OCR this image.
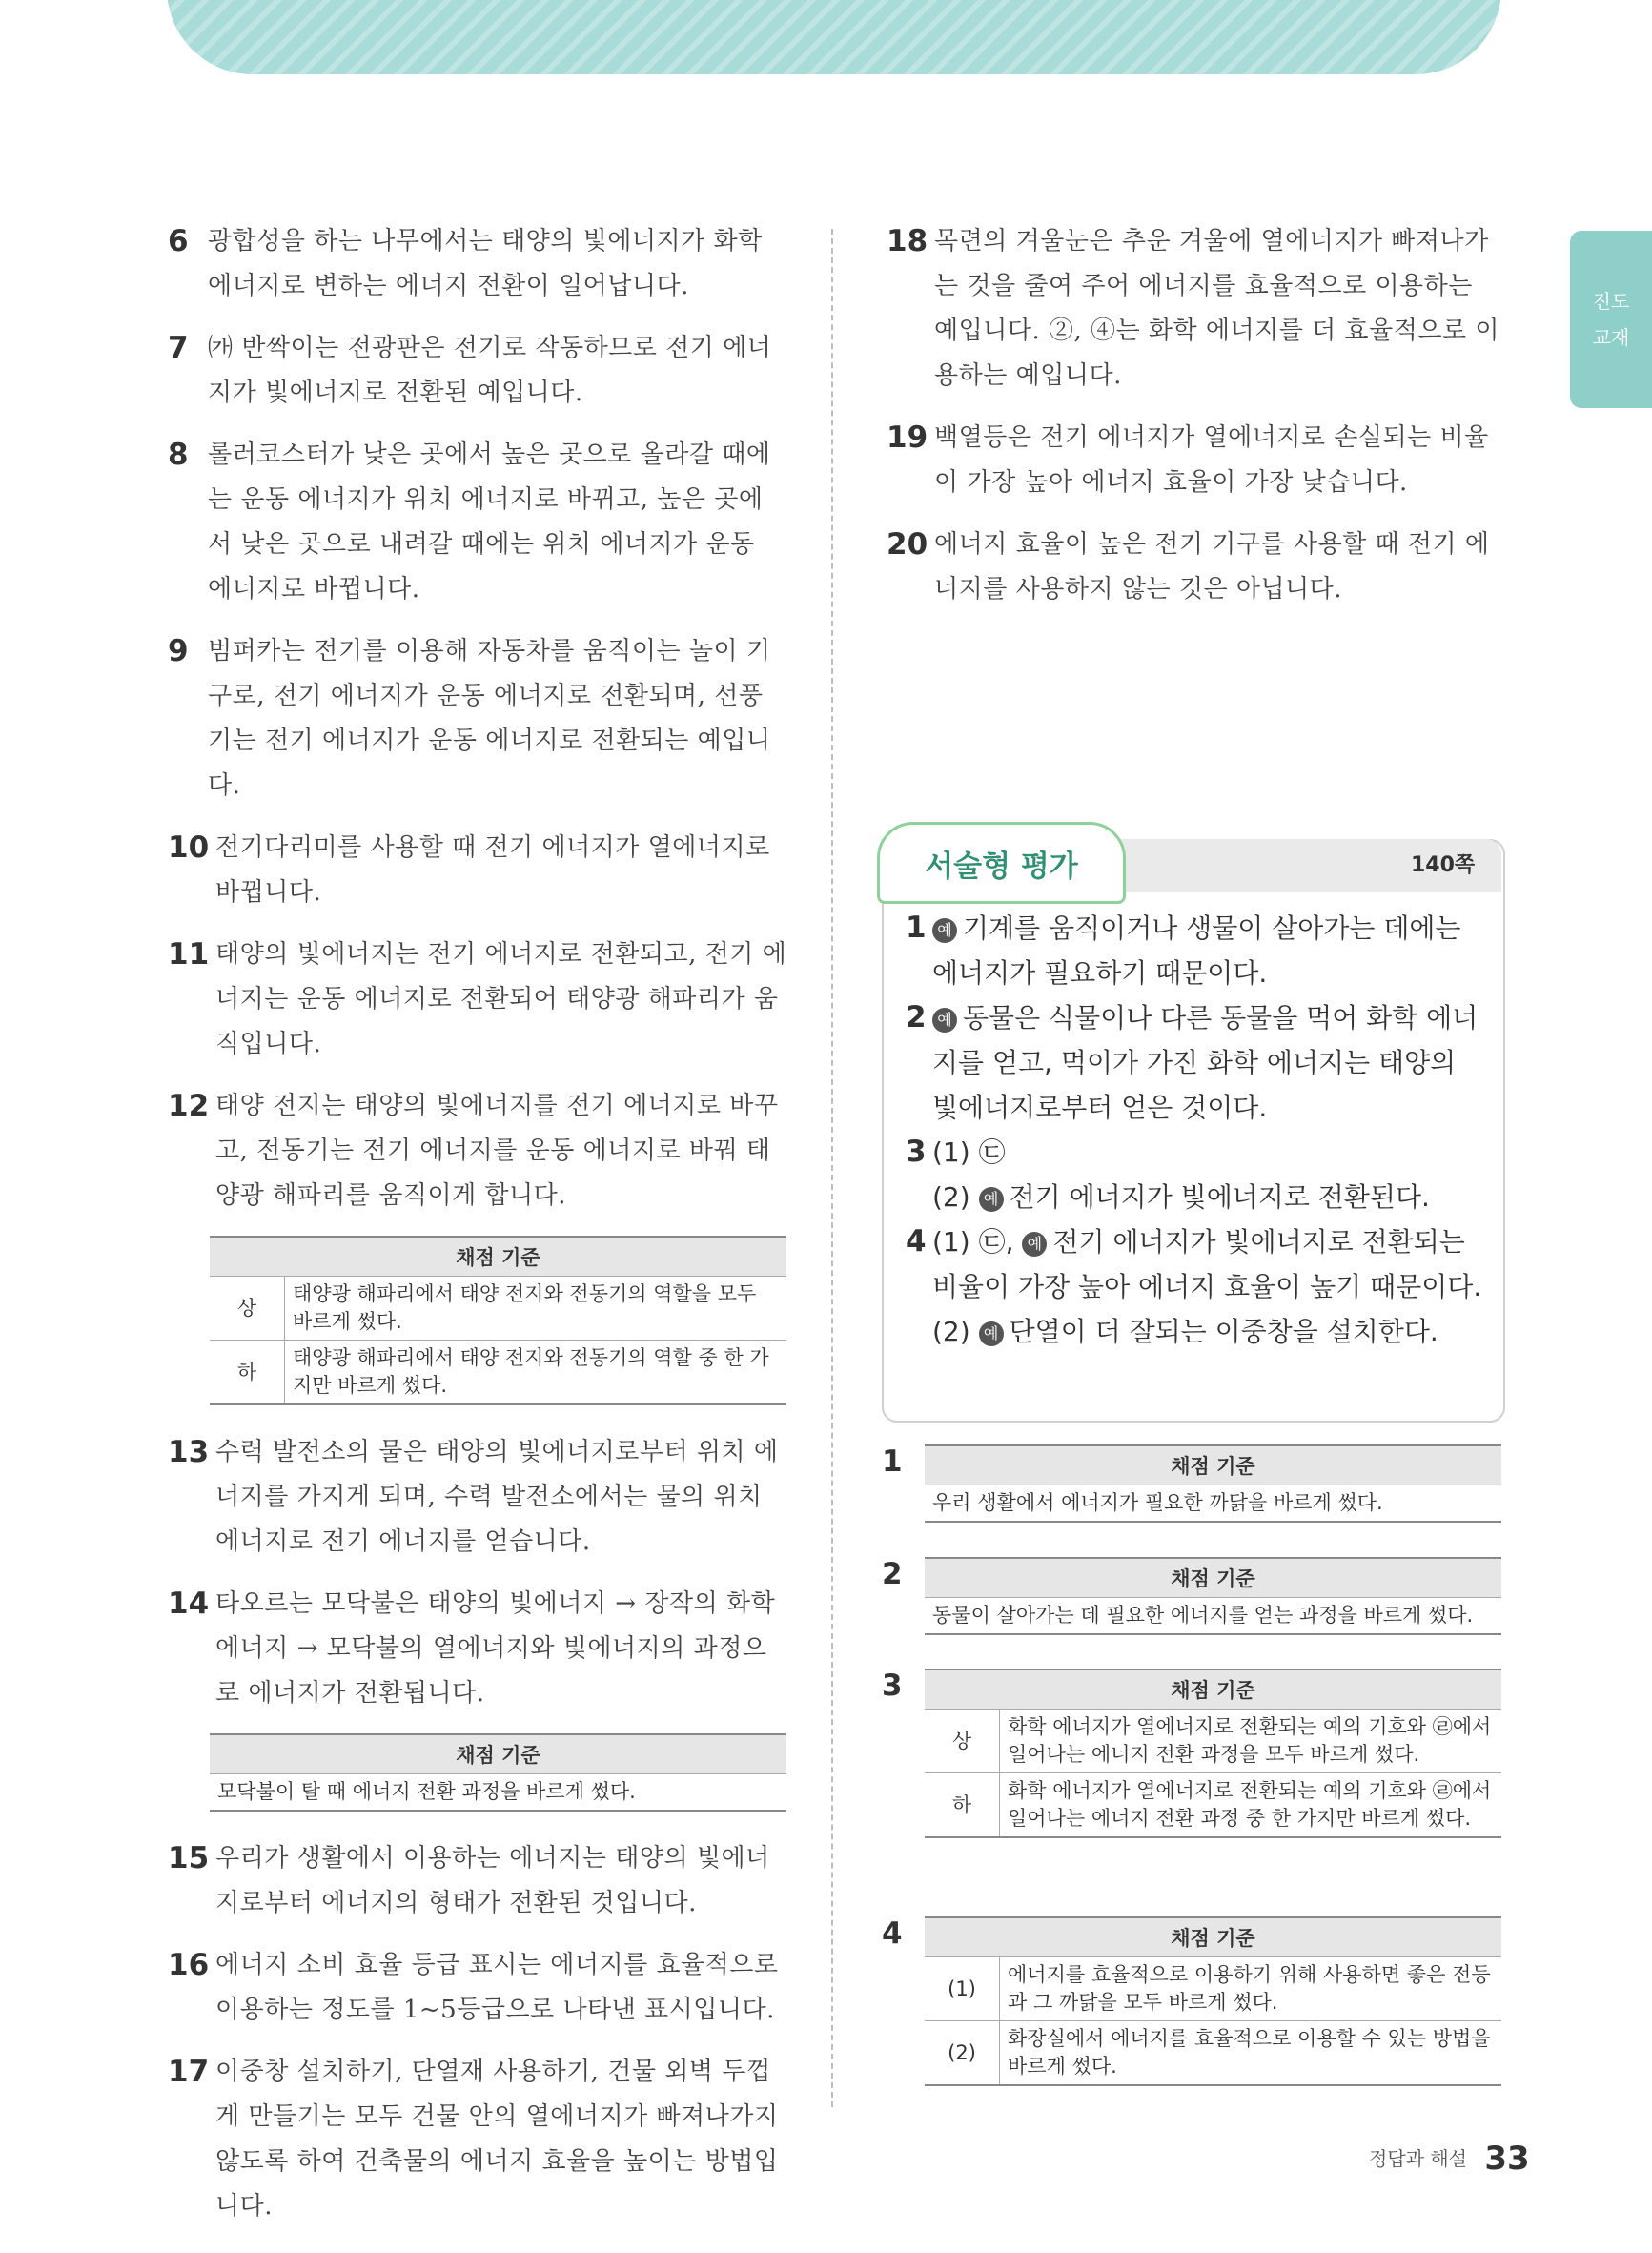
진도
교재
6 광합성을 하는 나무에서는 태양의 빛에너지가 화학 에너지로 변하는 에너지 전환이 일어납니다.
7 ㈎ 반짝이는 전광판은 전기로 작동하므로 전기 에너지가 빛에너지로 전환된 예입니다.
8 롤러코스터가 낮은 곳에서 높은 곳으로 올라갈 때에는 운동 에너지가 위치 에너지로 바뀌고, 높은 곳에서 낮은 곳으로 내려갈 때에는 위치 에너지가 운동 에너지로 바뀝니다.
9 범퍼카는 전기를 이용해 자동차를 움직이는 놀이 기구로, 전기 에너지가 운동 에너지로 전환되며, 선풍기는 전기 에너지가 운동 에너지로 전환되는 예입니다.
10 전기다리미를 사용할 때 전기 에너지가 열에너지로 바뀝니다.
11 태양의 빛에너지는 전기 에너지로 전환되고, 전기 에너지는 운동 에너지로 전환되어 태양광 해파리가 움직입니다.
12 태양 전지는 태양의 빛에너지를 전기 에너지로 바꾸고, 전동기는 전기 에너지를 운동 에너지로 바꿔 태양광 해파리를 움직이게 합니다.
채점 기준	
상	태양광 해파리에서 태양 전지와 전동기의 역할을 모두 바르게 썼다.
하	태양광 해파리에서 태양 전지와 전동기의 역할 중 한 가지만 바르게 썼다.
13 수력 발전소의 물은 태양의 빛에너지로부터 위치 에너지를 가지게 되며, 수력 발전소에서는 물의 위치 에너지로 전기 에너지를 얻습니다.
14 타오르는 모닥불은 태양의 빛에너지 → 장작의 화학 에너지 → 모닥불의 열에너지와 빛에너지의 과정으로 에너지가 전환됩니다.
채점 기준
모닥불이 탈 때 에너지 전환 과정을 바르게 썼다.
15 우리가 생활에서 이용하는 에너지는 태양의 빛에너지로부터 에너지의 형태가 전환된 것입니다.
16 에너지 소비 효율 등급 표시는 에너지를 효율적으로 이용하는 정도를 1~5등급으로 나타낸 표시입니다.
17 이중창 설치하기, 단열재 사용하기, 건물 외벽 두껍게 만들기는 모두 건물 안의 열에너지가 빠져나가지 않도록 하여 건축물의 에너지 효율을 높이는 방법입니다.
18 목련의 겨울눈은 추운 겨울에 열에너지가 빠져나가는 것을 줄여 주어 에너지를 효율적으로 이용하는 예입니다. ②, ④는 화학 에너지를 더 효율적으로 이용하는 예입니다.
19 백열등은 전기 에너지가 열에너지로 손실되는 비율이 가장 높아 에너지 효율이 가장 낮습니다.
20 에너지 효율이 높은 전기 기구를 사용할 때 전기 에너지를 사용하지 않는 것은 아닙니다.
서술형 평가	140쪽
1 예 기계를 움직이거나 생물이 살아가는 데에는 에너지가 필요하기 때문이다.
2 예 동물은 식물이나 다른 동물을 먹어 화학 에너지를 얻고, 먹이가 가진 화학 에너지는 태양의 빛에너지로부터 얻은 것이다.
3 (1) ㉢
(2) 예 전기 에너지가 빛에너지로 전환된다.
4 (1) ㉢, 예 전기 에너지가 빛에너지로 전환되는 비율이 가장 높아 에너지 효율이 높기 때문이다.
(2) 예 단열이 더 잘되는 이중창을 설치한다.
1	채점 기준
우리 생활에서 에너지가 필요한 까닭을 바르게 썼다.
2	채점 기준
동물이 살아가는 데 필요한 에너지를 얻는 과정을 바르게 썼다.
3	채점 기준	
상	화학 에너지가 열에너지로 전환되는 예의 기호와 ㉣에서 일어나는 에너지 전환 과정을 모두 바르게 썼다.
하	화학 에너지가 열에너지로 전환되는 예의 기호와 ㉣에서 일어나는 에너지 전환 과정 중 한 가지만 바르게 썼다.
4	채점 기준	
(1)	에너지를 효율적으로 이용하기 위해 사용하면 좋은 전등과 그 까닭을 모두 바르게 썼다.
(2)	화장실에서 에너지를 효율적으로 이용할 수 있는 방법을 바르게 썼다.
정답과 해설 33
